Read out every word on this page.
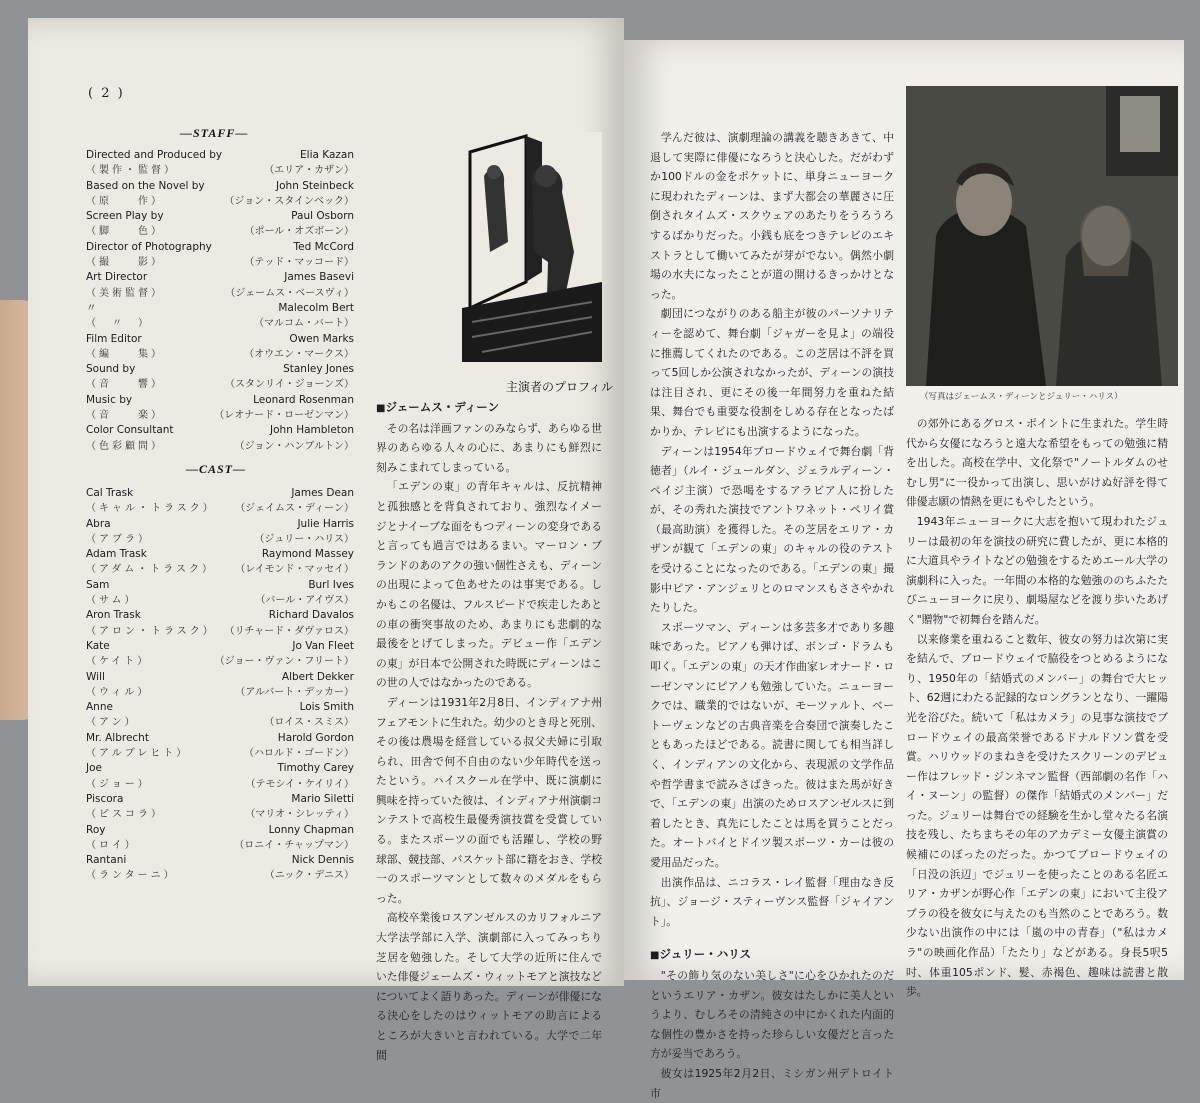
( 2 )
—STAFF—
Directed and Produced by	Elia Kazan
（製作・監督）	（エリア・カザン）
Based on the Novel by	John Steinbeck
（原　　作）	（ジョン・スタインベック）
Screen Play by	Paul Osborn
（脚　　色）	（ポール・オズボーン）
Director of Photography	Ted McCord
（撮　　影）	（テッド・マッコード）
Art Director	James Basevi
（美術監督）	（ジェームス・ベースヴィ）
〃	Malecolm Bert
（　〃　）	（マルコム・バート）
Film Editor	Owen Marks
（編　　集）	（オウエン・マークス）
Sound by	Stanley Jones
（音　　響）	（スタンリイ・ジョーンズ）
Music by	Leonard Rosenman
（音　　楽）	（レオナード・ローゼンマン）
Color Consultant	John Hambleton
（色彩顧問）	（ジョン・ハンブルトン）
—CAST—
Cal Trask	James Dean
（キャル・トラスク） （ジェイムス・ディーン）
Abra	Julie Harris
（アブラ）	（ジュリー・ハリス）
Adam Trask	Raymond Massey
（アダム・トラスク） （レイモンド・マッセイ）
Sam	Burl Ives
（サム）	（バール・アイヴス）
Aron Trask	Richard Davalos
（アロン・トラスク） （リチャード・ダヴァロス）
Kate	Jo Van Fleet
（ケイト）	（ジョー・ヴァン・フリート）
Will	Albert Dekker
（ウィル）	（アルバート・デッカー）
Anne	Lois Smith
（アン）	（ロイス・スミス）
Mr. Albrecht	Harold Gordon
（アルブレヒト）	（ハロルド・ゴードン）
Joe	Timothy Carey
（ジョー）	（テモシイ・ケイリイ）
Piscora	Mario Siletti
（ピスコラ）	（マリオ・シレッティ）
Roy	Lonny Chapman
（ロイ）	（ロニイ・チャップマン）
Rantani	Nick Dennis
（ランターニ）	（ニック・デニス）
主演者のプロフィル
■ ジェームス・ディーン

その名は洋画ファンのみならず、あらゆる世界のあらゆる人々の心に、あまりにも鮮烈に刻みこまれてしまっている。

「エデンの東」の青年キャルは、反抗精神と孤独感とを背負されており、強烈なイメージとナイーブな面をもつディーンの変身であると言っても過言ではあるまい。マーロン・ブランドのあのアクの強い個性さえも、ディーンの出現によって色あせたのは事実である。しかもこの名優は、フルスピードで疾走したあとの車の衝突事故のため、あまりにも悲劇的な最後をとげてしまった。デビュー作「エデンの東」が日本で公開された時既にディーンはこの世の人ではなかったのである。

ディーンは1931年2月8日、インディアナ州フェアモントに生れた。幼少のとき母と死別、その後は農場を経営している叔父夫婦に引取られ、田舎で何不自由のない少年時代を送ったという。ハイスクール在学中、既に演劇に興味を持っていた彼は、インディアナ州演劇コンテストで高校生最優秀演技賞を受賞している。またスポーツの面でも活躍し、学校の野球部、競技部、バスケット部に籍をおき、学校一のスポーツマンとして数々のメダルをもらった。

高校卒業後ロスアンゼルスのカリフォルニア大学法学部に入学、演劇部に入ってみっちり芝居を勉強した。そして大学の近所に住んでいた俳優ジェームズ・ウィットモアと演技などについてよく語りあった。ディーンが俳優になる決心をしたのはウィットモアの助言によるところが大きいと言われている。大学で二年間

学んだ彼は、演劇理論の講義を聴きあきて、中退して実際に俳優になろうと決心した。だがわずか100ドルの金をポケットに、単身ニューヨークに現われたディーンは、まず大都会の華麗さに圧倒されタイムズ・スクウェアのあたりをうろうろするばかりだった。小銭も底をつきテレビのエキストラとして働いてみたが芽がでない。偶然小劇場の水夫になったことが道の開けるきっかけとなった。

劇団につながりのある船主が彼のパーソナリティーを認めて、舞台劇「ジャガーを見よ」の端役に推薦してくれたのである。この芝居は不評を買って5回しか公演されなかったが、ディーンの演技は注目され、更にその後一年間努力を重ねた結果、舞台でも重要な役割をしめる存在となったばかりか、テレビにも出演するようになった。

ディーンは1954年ブロードウェイで舞台劇「背徳者」（ルイ・ジュールダン、ジェラルディーン・ペイジ主演）で恐喝をするアラビア人に扮したが、その秀れた演技でアントワネット・ペリイ賞（最高助演）を獲得した。その芝居をエリア・カザンが観て「エデンの東」のキャルの役のテストを受けることになったのである。「エデンの東」撮影中ピア・アンジェリとのロマンスもささやかれたりした。

スポーツマン、ディーンは多芸多才であり多趣味であった。ピアノも弾けば、ボンゴ・ドラムも叩く。「エデンの東」の天才作曲家レオナード・ローゼンマンにピアノも勉強していた。ニューヨークでは、職業的ではないが、モーツァルト、ベートーヴェンなどの古典音楽を合奏団で演奏したこともあったほどである。読書に関しても相当詳しく、インディアンの文化から、表現派の文学作品や哲学書まで読みさばきった。彼はまた馬が好きで、「エデンの東」出演のためロスアンゼルスに到着したとき、真先にしたことは馬を買うことだった。オートバイとドイツ製スポーツ・カーは彼の愛用品だった。

出演作品は、ニコラス・レイ監督「理由なき反抗」、ジョージ・スティーヴンス監督「ジャイアント」。

■ ジュリー・ハリス

"その飾り気のない美しさ"に心をひかれたのだというエリア・カザン。彼女はたしかに美人というより、むしろその清純さの中にかくれた内面的な個性の豊かさを持った珍らしい女優だと言った方が妥当であろう。

彼女は1925年2月2日、ミシガン州デトロイト市

（写真はジェームス・ディーンとジュリー・ハリス）

の郊外にあるグロス・ポイントに生まれた。学生時代から女優になろうと遠大な希望をもっての勉強に精を出した。高校在学中、文化祭で"ノートルダムのせむし男"に一役かって出演し、思いがけぬ好評を得て俳優志願の情熱を更にもやしたという。

1943年ニューヨークに大志を抱いて現われたジュリーは最初の年を演技の研究に費したが、更に本格的に大道具やライトなどの勉強をするためエール大学の演劇科に入った。一年間の本格的な勉強ののちふたたびニューヨークに戻り、劇場屋などを渡り歩いたあげく"贈物"で初舞台を踏んだ。

以来修業を重ねること数年、彼女の努力は次第に実を結んで、ブロードウェイで脇役をつとめるようになり、1950年の「結婚式のメンバー」の舞台で大ヒット、62週にわたる記録的なロングランとなり、一躍陽光を浴びた。続いて「私はカメラ」の見事な演技でブロードウェイの最高栄誉であるドナルドソン賞を受賞。ハリウッドのまねきを受けたスクリーンのデビュー作はフレッド・ジンネマン監督（西部劇の名作「ハイ・ヌーン」の監督）の傑作「結婚式のメンバー」だった。ジュリーは舞台での経験を生かし堂々たる名演技を残し、たちまちその年のアカデミー女優主演賞の候補にのぼったのだった。かつてブロードウェイの「日没の浜辺」でジュリーを使ったことのある名匠エリア・カザンが野心作「エデンの東」において主役アブラの役を彼女に与えたのも当然のことであろう。数少ない出演作の中には「嵐の中の青春」（"私はカメラ"の映画化作品）「たたり」などがある。身長5呎5吋、体重105ポンド、髪、赤褐色、趣味は読書と散歩。
